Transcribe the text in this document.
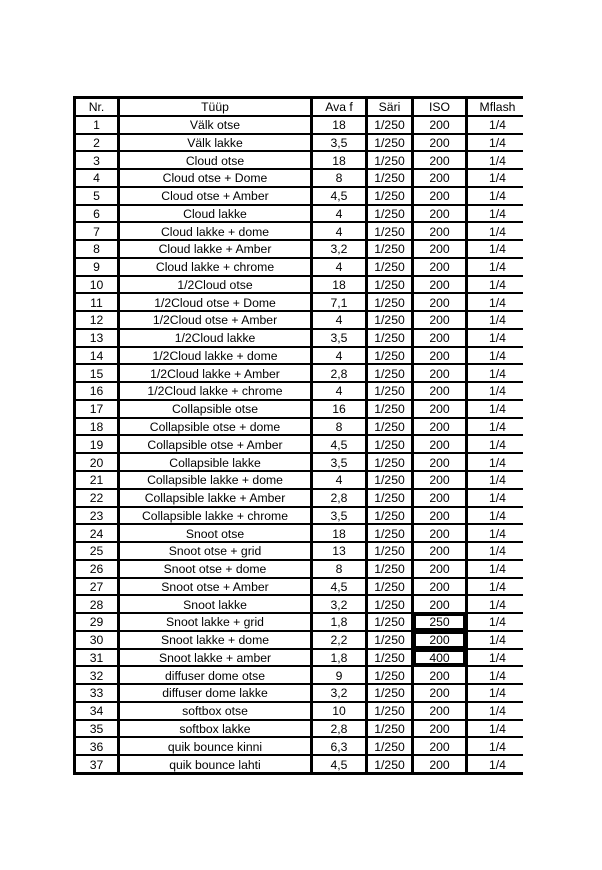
Nr.	Tüüp	Ava f	Säri	ISO	Mflash
1	Välk otse	18	1/250	200	1/4
2	Välk lakke	3,5	1/250	200	1/4
3	Cloud otse	18	1/250	200	1/4
4	Cloud otse + Dome	8	1/250	200	1/4
5	Cloud otse + Amber	4,5	1/250	200	1/4
6	Cloud lakke	4	1/250	200	1/4
7	Cloud lakke + dome	4	1/250	200	1/4
8	Cloud lakke + Amber	3,2	1/250	200	1/4
9	Cloud lakke + chrome	4	1/250	200	1/4
10	1/2Cloud otse	18	1/250	200	1/4
11	1/2Cloud otse + Dome	7,1	1/250	200	1/4
12	1/2Cloud otse + Amber	4	1/250	200	1/4
13	1/2Cloud lakke	3,5	1/250	200	1/4
14	1/2Cloud lakke + dome	4	1/250	200	1/4
15	1/2Cloud lakke + Amber	2,8	1/250	200	1/4
16	1/2Cloud lakke + chrome	4	1/250	200	1/4
17	Collapsible otse	16	1/250	200	1/4
18	Collapsible otse + dome	8	1/250	200	1/4
19	Collapsible otse + Amber	4,5	1/250	200	1/4
20	Collapsible lakke	3,5	1/250	200	1/4
21	Collapsible lakke + dome	4	1/250	200	1/4
22	Collapsible lakke + Amber	2,8	1/250	200	1/4
23	Collapsible lakke + chrome	3,5	1/250	200	1/4
24	Snoot otse	18	1/250	200	1/4
25	Snoot otse + grid	13	1/250	200	1/4
26	Snoot otse + dome	8	1/250	200	1/4
27	Snoot otse + Amber	4,5	1/250	200	1/4
28	Snoot lakke	3,2	1/250	200	1/4
29	Snoot lakke + grid	1,8	1/250	250	1/4
30	Snoot lakke + dome	2,2	1/250	200	1/4
31	Snoot lakke + amber	1,8	1/250	400	1/4
32	diffuser dome otse	9	1/250	200	1/4
33	diffuser dome lakke	3,2	1/250	200	1/4
34	softbox otse	10	1/250	200	1/4
35	softbox lakke	2,8	1/250	200	1/4
36	quik bounce kinni	6,3	1/250	200	1/4
37	quik bounce lahti	4,5	1/250	200	1/4
